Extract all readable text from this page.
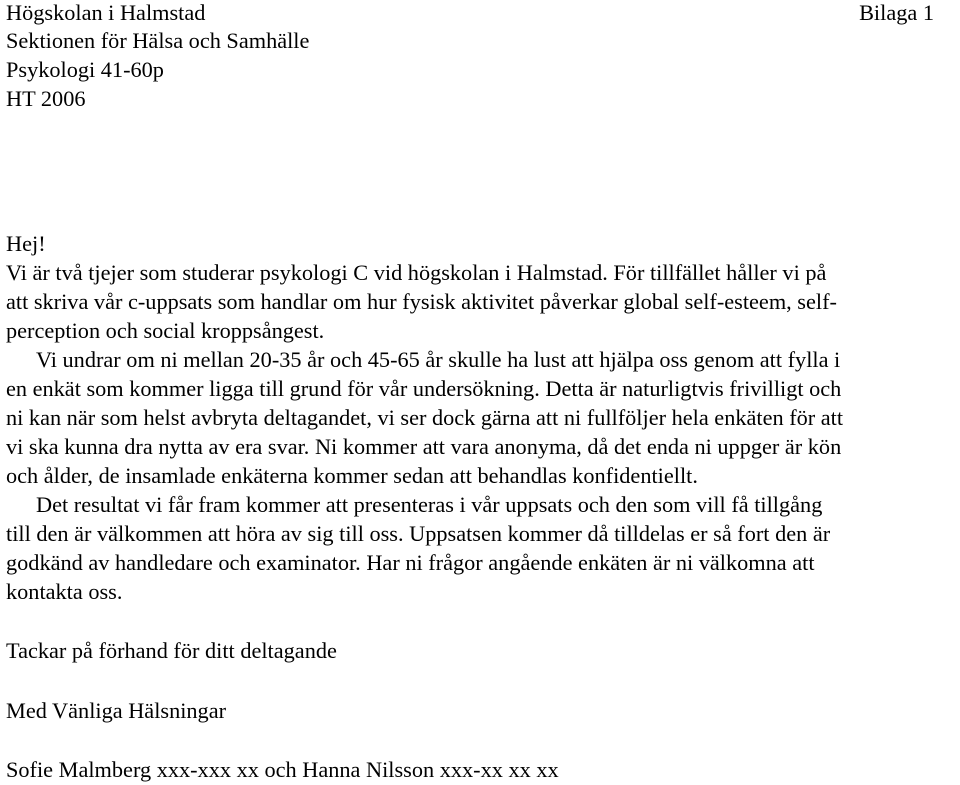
Högskolan i Halmstad	Bilaga 1
Sektionen för Hälsa och Samhälle
Psykologi 41-60p
HT 2006
Hej!
Vi är två tjejer som studerar psykologi C vid högskolan i Halmstad. För tillfället håller vi på
att skriva vår c-uppsats som handlar om hur fysisk aktivitet påverkar global self-esteem, self-
perception och social kroppsångest.
Vi undrar om ni mellan 20-35 år och 45-65 år skulle ha lust att hjälpa oss genom att fylla i
en enkät som kommer ligga till grund för vår undersökning. Detta är naturligtvis frivilligt och
ni kan när som helst avbryta deltagandet, vi ser dock gärna att ni fullföljer hela enkäten för att
vi ska kunna dra nytta av era svar. Ni kommer att vara anonyma, då det enda ni uppger är kön
och ålder, de insamlade enkäterna kommer sedan att behandlas konfidentiellt.
Det resultat vi får fram kommer att presenteras i vår uppsats och den som vill få tillgång
till den är välkommen att höra av sig till oss. Uppsatsen kommer då tilldelas er så fort den är
godkänd av handledare och examinator. Har ni frågor angående enkäten är ni välkomna att
kontakta oss.
Tackar på förhand för ditt deltagande
Med Vänliga Hälsningar
Sofie Malmberg xxx-xxx xx och Hanna Nilsson xxx-xx xx xx
